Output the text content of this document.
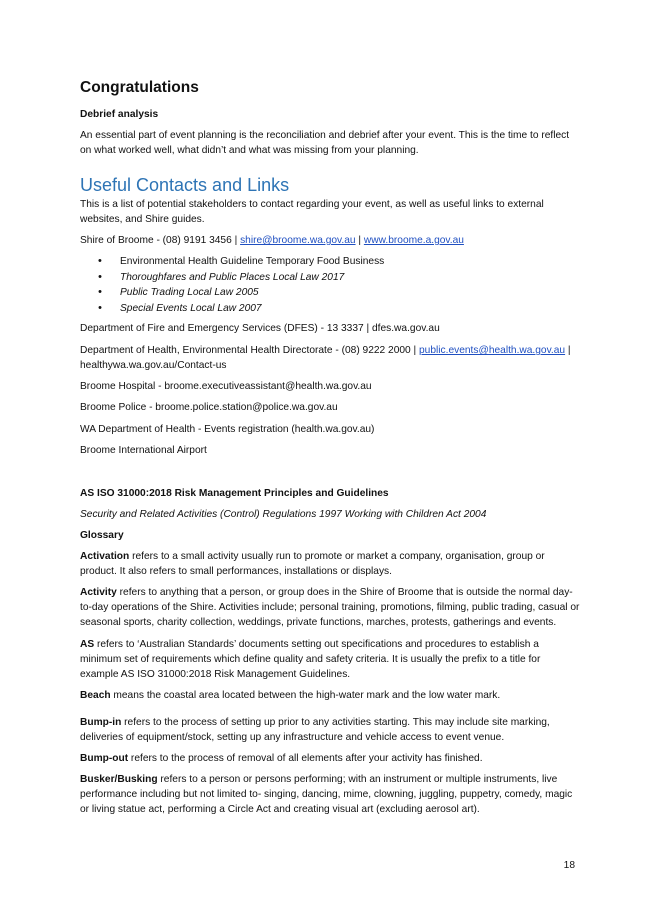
Congratulations

Debrief analysis

An essential part of event planning is the reconciliation and debrief after your event. This is the time to reflect on what worked well, what didn’t and what was missing from your planning.

Useful Contacts and Links

This is a list of potential stakeholders to contact regarding your event, as well as useful links to external websites, and Shire guides.

Shire of Broome - (08) 9191 3456 | shire@broome.wa.gov.au | www.broome.a.gov.au

• Environmental Health Guideline Temporary Food Business
• Thoroughfares and Public Places Local Law 2017
• Public Trading Local Law 2005
• Special Events Local Law 2007

Department of Fire and Emergency Services (DFES) - 13 3337 | dfes.wa.gov.au

Department of Health, Environmental Health Directorate - (08) 9222 2000 | public.events@health.wa.gov.au | healthywa.wa.gov.au/Contact-us

Broome Hospital - broome.executiveassistant@health.wa.gov.au

Broome Police - broome.police.station@police.wa.gov.au

WA Department of Health - Events registration (health.wa.gov.au)

Broome International Airport

AS ISO 31000:2018 Risk Management Principles and Guidelines

Security and Related Activities (Control) Regulations 1997 Working with Children Act 2004

Glossary

Activation refers to a small activity usually run to promote or market a company, organisation, group or product. It also refers to small performances, installations or displays.

Activity refers to anything that a person, or group does in the Shire of Broome that is outside the normal day-to-day operations of the Shire. Activities include; personal training, promotions, filming, public trading, casual or seasonal sports, charity collection, weddings, private functions, marches, protests, gatherings and events.

AS refers to ‘Australian Standards’ documents setting out specifications and procedures to establish a minimum set of requirements which define quality and safety criteria. It is usually the prefix to a title for example AS ISO 31000:2018 Risk Management Guidelines.

Beach means the coastal area located between the high-water mark and the low water mark.

Bump-in refers to the process of setting up prior to any activities starting. This may include site marking, deliveries of equipment/stock, setting up any infrastructure and vehicle access to event venue.

Bump-out refers to the process of removal of all elements after your activity has finished.

Busker/Busking refers to a person or persons performing; with an instrument or multiple instruments, live performance including but not limited to- singing, dancing, mime, clowning, juggling, puppetry, comedy, magic or living statue act, performing a Circle Act and creating visual art (excluding aerosol art).

18
